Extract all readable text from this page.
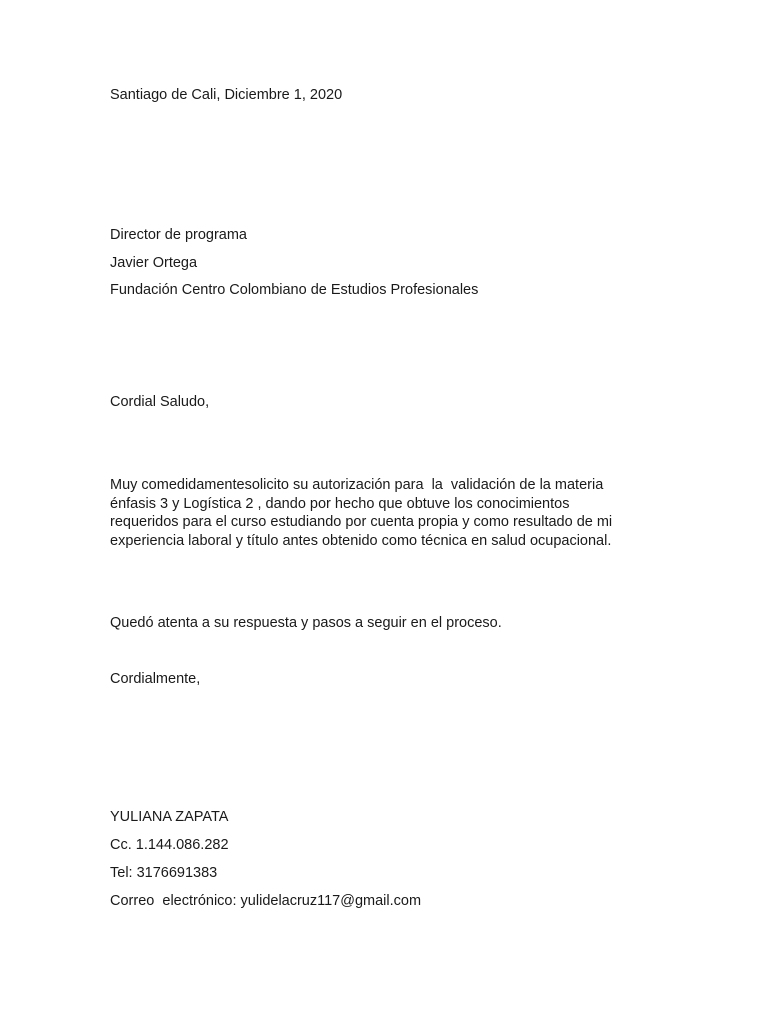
Santiago de Cali, Diciembre 1, 2020
Director de programa
Javier Ortega
Fundación Centro Colombiano de Estudios Profesionales
Cordial Saludo,
Muy comedidamentesolicito su autorización para  la  validación de la materia
énfasis 3 y Logística 2 , dando por hecho que obtuve los conocimientos
requeridos para el curso estudiando por cuenta propia y como resultado de mi
experiencia laboral y título antes obtenido como técnica en salud ocupacional.
Quedó atenta a su respuesta y pasos a seguir en el proceso.
Cordialmente,
YULIANA ZAPATA
Cc. 1.144.086.282
Tel: 3176691383
Correo  electrónico: yulidelacruz117@gmail.com
